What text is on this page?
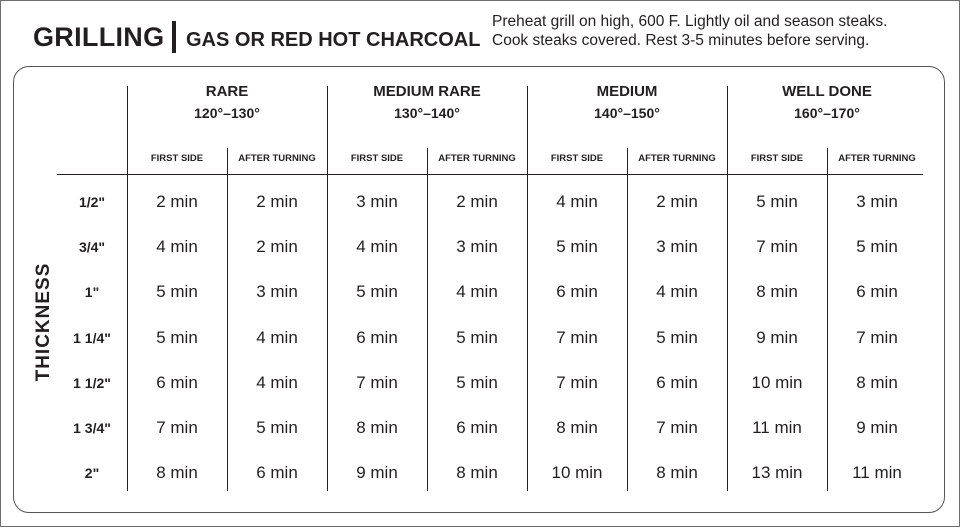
GRILLING GAS OR RED HOT CHARCOAL
Preheat grill on high, 600 F. Lightly oil and season steaks.
Cook steaks covered. Rest 3-5 minutes before serving.
THICKNESS
RARE
120°–130°
FIRST SIDE	AFTER TURNING
MEDIUM RARE
130°–140°
FIRST SIDE	AFTER TURNING
MEDIUM
140°–150°
FIRST SIDE	AFTER TURNING
WELL DONE
160°–170°
FIRST SIDE	AFTER TURNING
1/2"	2 min	2 min	3 min	2 min	4 min	2 min	5 min	3 min
3/4"	4 min	2 min	4 min	3 min	5 min	3 min	7 min	5 min
1"	5 min	3 min	5 min	4 min	6 min	4 min	8 min	6 min
1 1/4"	5 min	4 min	6 min	5 min	7 min	5 min	9 min	7 min
1 1/2"	6 min	4 min	7 min	5 min	7 min	6 min	10 min	8 min
1 3/4"	7 min	5 min	8 min	6 min	8 min	7 min	11 min	9 min
2"	8 min	6 min	9 min	8 min	10 min	8 min	13 min	11 min
